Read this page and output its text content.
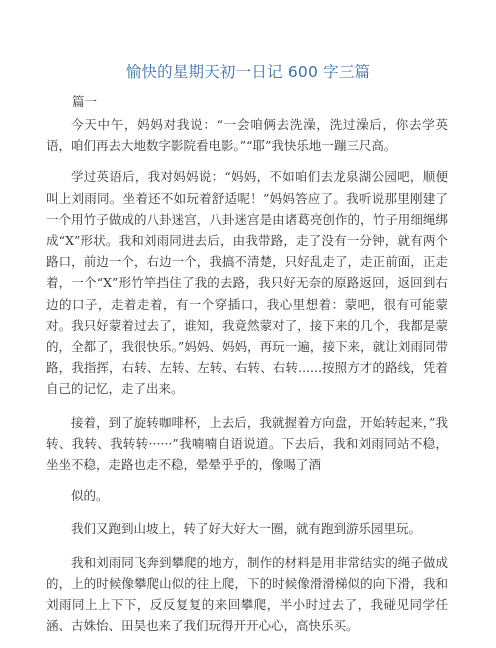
愉快的星期天初一日记 600 字三篇
篇一

今天中午，妈妈对我说：“一会咱俩去洗澡，洗过澡后，你去学英语，咱们再去大地数字影院看电影。”“耶”我快乐地一蹦三尺高。

学过英语后，我对妈妈说：“妈妈，不如咱们去龙泉湖公园吧，顺便叫上刘雨同。坐着还不如玩着舒适呢！”妈妈答应了。我听说那里刚建了一个用竹子做成的八卦迷宫，八卦迷宫是由诸葛亮创作的，竹子用细绳绑成“X”形状。我和刘雨同进去后，由我带路，走了没有一分钟，就有两个路口，前边一个，右边一个，我搞不清楚，只好乱走了，走正前面，正走着，一个“X”形竹竿挡住了我的去路，我只好无奈的原路返回，返回到右边的口子，走着走着，有一个穿插口，我心里想着：蒙吧，很有可能蒙对。我只好蒙着过去了，谁知，我竟然蒙对了，接下来的几个，我都是蒙的，全都了，我很快乐。”妈妈、妈妈，再玩一遍，接下来，就让刘雨同带路，我指挥，右转、左转、左转、右转、右转......按照方才的路线，凭着自己的记忆，走了出来。

接着，到了旋转咖啡杯，上去后，我就握着方向盘，开始转起来，”我转、我转、我转转······”我喃喃自语说道。下去后，我和刘雨同站不稳，坐坐不稳，走路也走不稳，晕晕乎乎的，像喝了酒

似的。

我们又跑到山坡上，转了好大好大一圈，就有跑到游乐园里玩。

我和刘雨同飞奔到攀爬的地方，制作的材料是用非常结实的绳子做成的，上的时候像攀爬山似的往上爬，下的时候像滑滑梯似的向下滑，我和刘雨同上上下下，反反复复的来回攀爬，半小时过去了，我碰见同学任涵、古姝怡、田昊也来了我们玩得开开心心，高快乐买。
